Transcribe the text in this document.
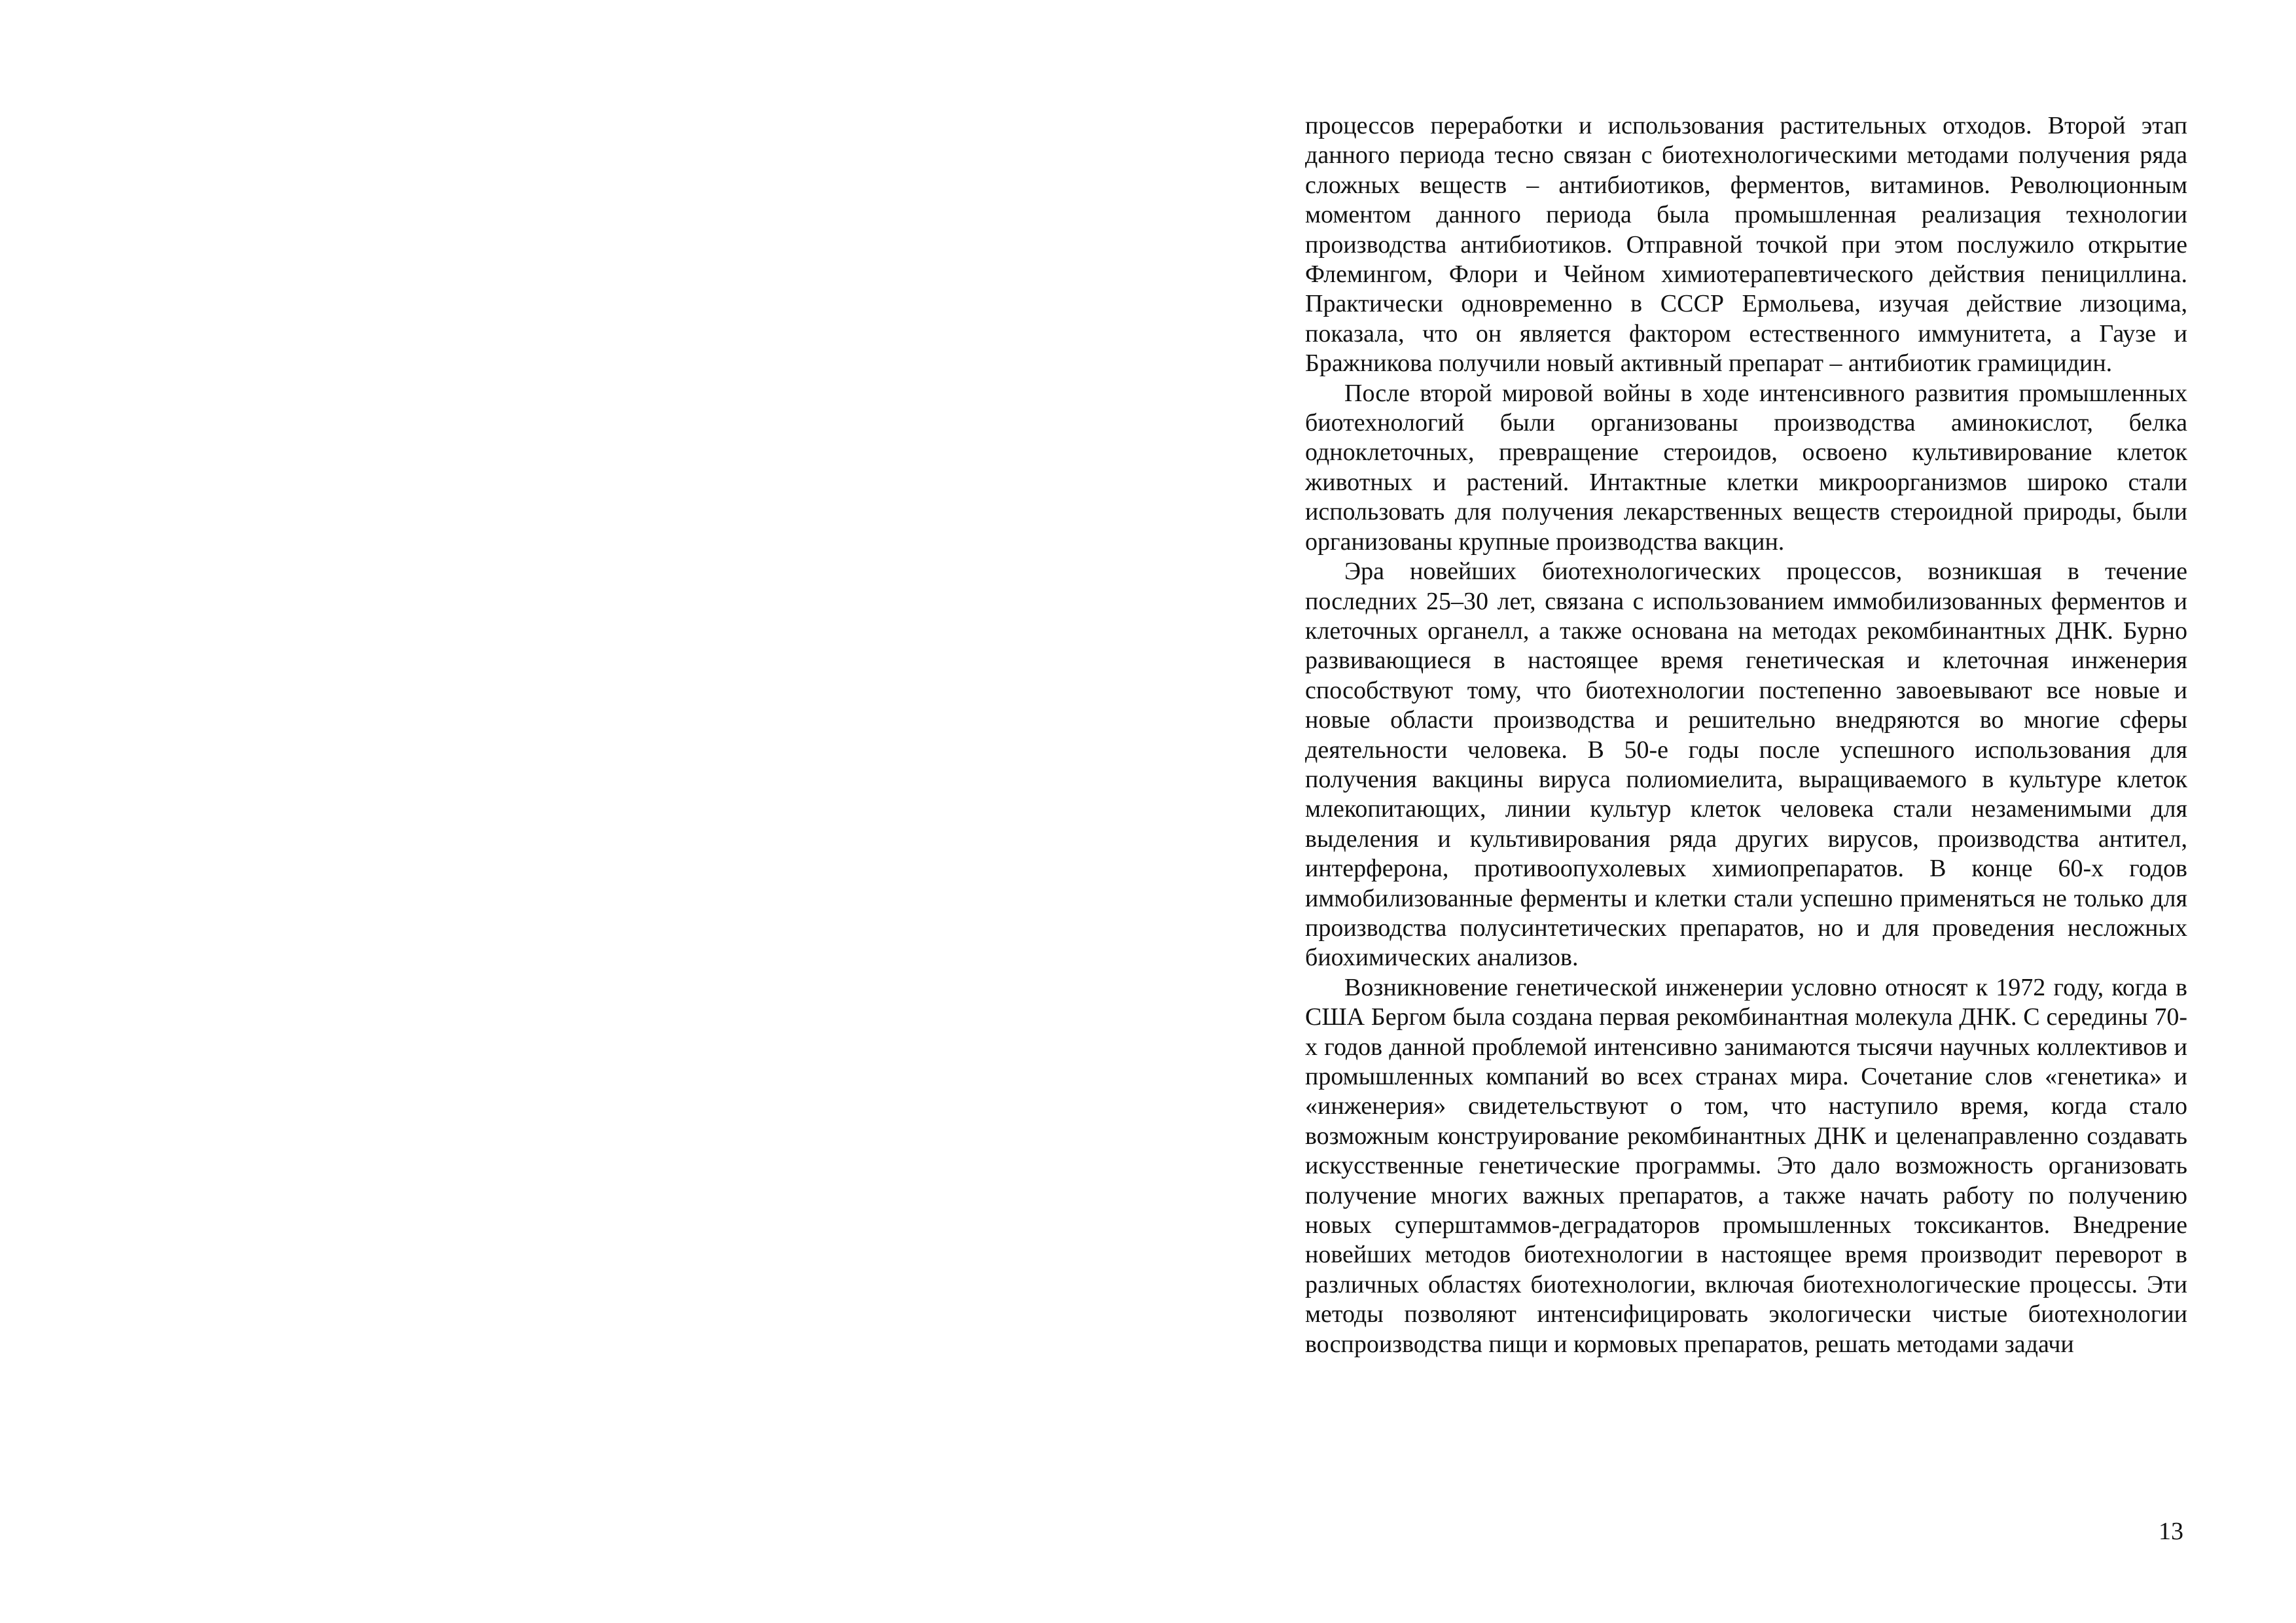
процессов переработки и использования растительных отходов. Второй этап данного периода тесно связан с биотехнологическими методами получения ряда сложных веществ – антибиотиков, ферментов, витаминов. Революционным моментом данного периода была промышленная реализация технологии производства антибиотиков. Отправной точкой при этом послужило открытие Флемингом, Флори и Чейном химиотерапевтического действия пенициллина. Практически одновременно в СССР Ермольева, изучая действие лизоцима, показала, что он является фактором естественного иммунитета, а Гаузе и Бражникова получили новый активный препарат – антибиотик грамицидин.

После второй мировой войны в ходе интенсивного развития промышленных биотехнологий были организованы производства аминокислот, белка одноклеточных, превращение стероидов, освоено культивирование клеток животных и растений. Интактные клетки микроорганизмов широко стали использовать для получения лекарственных веществ стероидной природы, были организованы крупные производства вакцин.

Эра новейших биотехнологических процессов, возникшая в течение последних 25–30 лет, связана с использованием иммобилизованных ферментов и клеточных органелл, а также основана на методах рекомбинантных ДНК. Бурно развивающиеся в настоящее время генетическая и клеточная инженерия способствуют тому, что биотехнологии постепенно завоевывают все новые и новые области производства и решительно внедряются во многие сферы деятельности человека. В 50-е годы после успешного использования для получения вакцины вируса полиомиелита, выращиваемого в культуре клеток млекопитающих, линии культур клеток человека стали незаменимыми для выделения и культивирования ряда других вирусов, производства антител, интерферона, противоопухолевых химиопрепаратов. В конце 60-х годов иммобилизованные ферменты и клетки стали успешно применяться не только для производства полусинтетических препаратов, но и для проведения несложных биохимических анализов.

Возникновение генетической инженерии условно относят к 1972 году, когда в США Бергом была создана первая рекомбинантная молекула ДНК. С середины 70-х годов данной проблемой интенсивно занимаются тысячи научных коллективов и промышленных компаний во всех странах мира. Сочетание слов «генетика» и «инженерия» свидетельствуют о том, что наступило время, когда стало возможным конструирование рекомбинантных ДНК и целенаправленно создавать искусственные генетические программы. Это дало возможность организовать получение многих важных препаратов, а также начать работу по получению новых суперштаммов-деградаторов промышленных токсикантов. Внедрение новейших методов биотехнологии в настоящее время производит переворот в различных областях биотехнологии, включая биотехнологические процессы. Эти методы позволяют интенсифицировать экологически чистые биотехнологии воспроизводства пищи и кормовых препаратов, решать методами задачи

13
